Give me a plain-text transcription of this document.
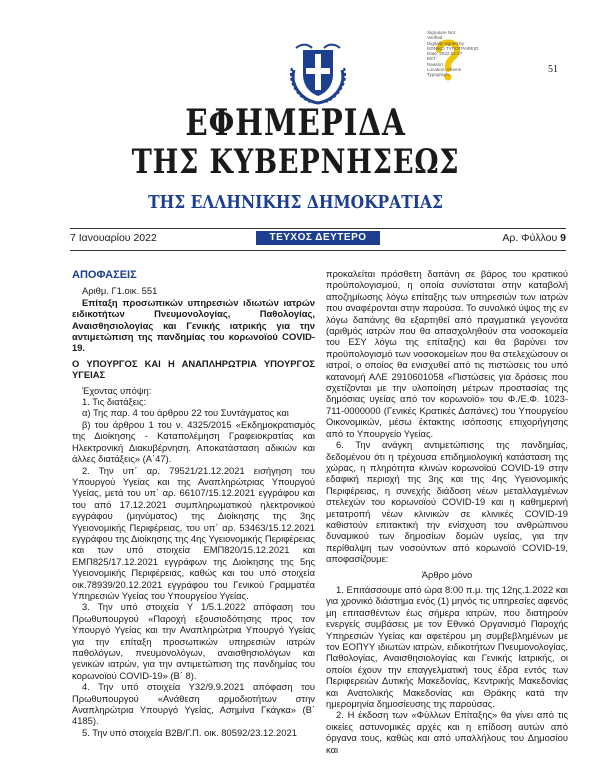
Signature Not
Verified
Digitally signed by
ΕΘΝΙΚΟ ΤΥΠΟΓΡΑΦΕΙΟ
Date: 2022.01.07
ΕΕΤ
Reason:
Location: Athens
Typograph	51
ΕΦΗΜΕΡΙΔΑ
ΤΗΣ ΚΥΒΕΡΝΗΣΕΩΣ
ΤΗΣ ΕΛΛΗΝΙΚΗΣ ΔΗΜΟΚΡΑΤΙΑΣ
7 Ιανουαρίου 2022	ΤΕΥΧΟΣ ΔΕΥΤΕΡΟ	Αρ. Φύλλου 9

ΑΠΟΦΑΣΕΙΣ

Αριθμ. Γ1.οικ. 551

Επίταξη προσωπικών υπηρεσιών ιδιωτών ιατρών ειδικοτήτων Πνευμονολογίας, Παθολογίας, Αναισθησιολογίας και Γενικής ιατρικής για την αντιμετώπιση της πανδημίας του κορωνοϊού COVID-19.

Ο ΥΠΟΥΡΓΟΣ ΚΑΙ Η ΑΝΑΠΛΗΡΩΤΡΙΑ ΥΠΟΥΡΓΟΣ ΥΓΕΙΑΣ

Έχοντας υπόψη:

1. Τις διατάξεις:

α) Της παρ. 4 του άρθρου 22 του Συντάγματος και

β) του άρθρου 1 του ν. 4325/2015 «Εκδημοκρατισμός της Διοίκησης - Καταπολέμηση Γραφειοκρατίας και Ηλεκτρονική Διακυβέρνηση. Αποκατάσταση αδικιών και άλλες διατάξεις» (Α΄47).

2. Την υπ΄ αρ. 79521/21.12.2021 εισήγηση του Υπουργού Υγείας και της Αναπληρώτριας Υπουργού Υγείας, μετά του υπ΄ αρ. 66107/15.12.2021 εγγράφου και του από 17.12.2021 συμπληρωματικού ηλεκτρονικού εγγράφου (μηνύματος) της Διοίκησης της 3ης Υγειονομικής Περιφέρειας, του υπ΄ αρ. 53463/15.12.2021 εγγράφου της Διοίκησης της 4ης Υγειονομικής Περιφέρειας και των υπό στοιχεία ΕΜΠ820/15.12.2021 και ΕΜΠ825/17.12.2021 εγγράφων της Διοίκησης της 5ης Υγειονομικής Περιφέρειας, καθώς και του υπό στοιχεία οικ.78939/20.12.2021 εγγράφου του Γενικού Γραμματέα Υπηρεσιών Υγείας του Υπουργείου Υγείας.

3. Την υπό στοιχεία Υ 1/5.1.2022 απόφαση του Πρωθυπουργού «Παροχή εξουσιοδότησης προς τον Υπουργό Υγείας και την Αναπληρώτρια Υπουργό Υγείας για την επίταξη προσωπικών υπηρεσιών ιατρών παθολόγων, πνευμονολόγων, αναισθησιολόγων και γενικών ιατρών, για την αντιμετώπιση της πανδημίας του κορωνοϊού COVID-19» (Β΄ 8).

4. Την υπό στοιχεία Υ32/9.9.2021 απόφαση του Πρωθυπουργού «Ανάθεση αρμοδιοτήτων στην Αναπληρώτρια Υπουργό Υγείας, Ασημίνα Γκάγκα» (Β΄ 4185).

5. Την υπό στοιχεία Β2Β/Γ.Π. οικ. 80592/23.12.2021

προκαλείται πρόσθετη δαπάνη σε βάρος του κρατικού προϋπολογισμού, η οποία συνίσταται στην καταβολή αποζημίωσης λόγω επίταξης των υπηρεσιών των ιατρών που αναφέρονται στην παρούσα. Το συνολικό ύψος της εν λόγω δαπάνης θα εξαρτηθεί από πραγματικά γεγονότα (αριθμός ιατρών που θα απασχοληθούν στα νοσοκομεία του ΕΣΥ λόγω της επίταξης) και θα βαρύνει τον προϋπολογισμό των νοσοκομείων που θα στελεχώσουν οι ιατροί, ο οποίος θα ενισχυθεί από τις πιστώσεις του υπό κατανομή ΑΛΕ 2910601058 «Πιστώσεις για δράσεις που σχετίζονται με την υλοποίηση μέτρων προστασίας της δημόσιας υγείας από τον κορωνοϊό» του Φ./Ε.Φ. 1023-711-0000000 (Γενικές Κρατικές Δαπάνες) του Υπουργείου Οικονομικών, μέσω έκτακτης ισόποσης επιχορήγησης από το Υπουργείο Υγείας.

6. Την ανάγκη αντιμετώπισης της πανδημίας, δεδομένου ότι η τρέχουσα επιδημιολογική κατάσταση της χώρας, η πληρότητα κλινών κορωνοϊού COVID-19 στην εδαφική περιοχή της 3ης και της 4ης Υγειονομικής Περιφέρειας, η συνεχής διάδοση νέων μεταλλαγμένων στελεχών του κορωνοϊού COVID-19 και η καθημερινή μετατροπή νέων κλινικών σε κλινικές COVID-19 καθιστούν επιτακτική την ενίσχυση του ανθρώπινου δυναμικού των δημοσίων δομών υγείας, για την περίθαλψη των νοσούντων από κορωνοϊό COVID-19, αποφασίζουμε:

Άρθρο μόνο

1. Επιτάσσουμε από ώρα 8:00 π.μ. της 12ης.1.2022 και για χρονικό διάστημα ενός (1) μηνός τις υπηρεσίες αφενός μη επιτασθέντων έως σήμερα ιατρών, που διατηρούν ενεργείς συμβάσεις με τον Εθνικό Οργανισμό Παροχής Υπηρεσιών Υγείας και αφετέρου μη συμβεβλημένων με τον ΕΟΠΥΥ ιδιωτών ιατρών, ειδικοτήτων Πνευμονολογίας, Παθολογίας, Αναισθησιολογίας και Γενικής Ιατρικής, οι οποίοι έχουν την επαγγελματική τους έδρα εντός των Περιφερειών Δυτικής Μακεδονίας, Κεντρικής Μακεδονίας και Ανατολικής Μακεδονίας και Θράκης κατά την ημερομηνία δημοσίευσης της παρούσας.

2. Η έκδοση των «Φύλλων Επίταξης» θα γίνει από τις οικείες αστυνομικές αρχές και η επίδοση αυτών από όργανα τους, καθώς και από υπαλλήλους του Δημοσίου και
